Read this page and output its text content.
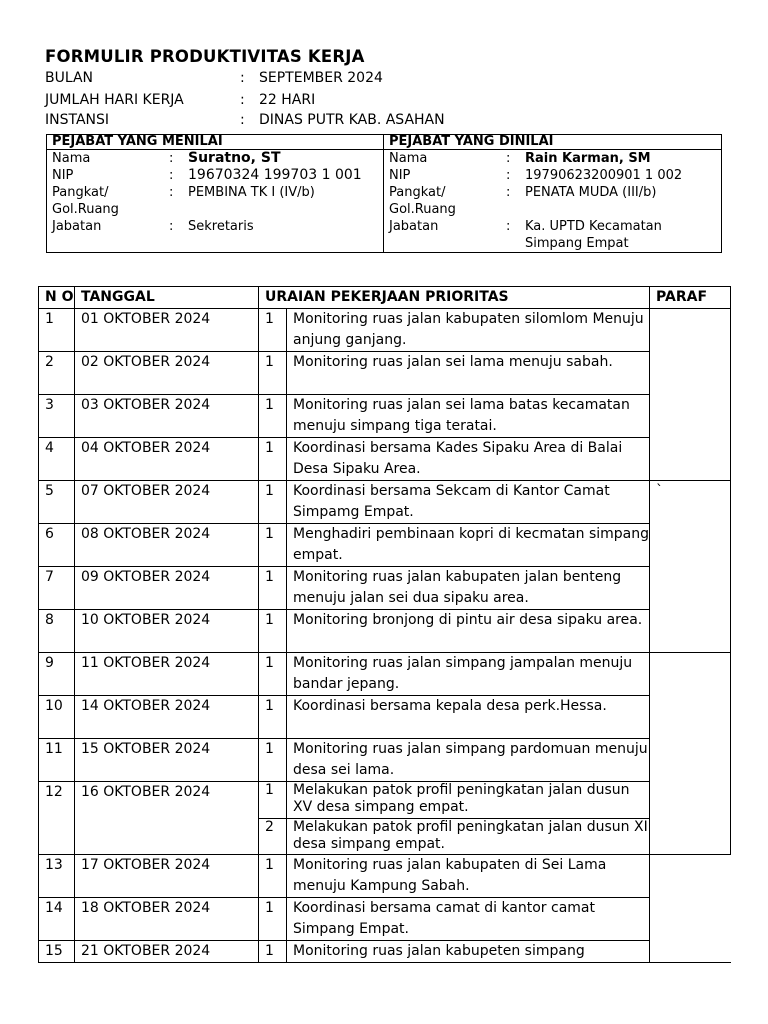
FORMULIR PRODUKTIVITAS KERJA
BULAN	: SEPTEMBER 2024
JUMLAH HARI KERJA	: 22 HARI
INSTANSI	: DINAS PUTR KAB. ASAHAN
PEJABAT YANG MENILAI	PEJABAT YANG DINILAI

Nama	:	Suratno, ST
NIP	:	19670324 199703 1 001
Pangkat/ Gol.Ruang	:	PEMBINA TK I (IV/b)
Jabatan	:	Sekretaris

Nama	:	Rain Karman, SM
NIP	:	19790623200901 1 002
Pangkat/ Gol.Ruang	:	PENATA MUDA (III/b)
Jabatan	:	Ka. UPTD Kecamatan Simpang Empat
N O	TANGGAL	URAIAN PEKERJAAN PRIORITAS		PARAF
1	01 OKTOBER 2024	1	Monitoring ruas jalan kabupaten silomlom Menuju anjung ganjang.	
2	02 OKTOBER 2024	1	Monitoring ruas jalan sei lama menuju sabah.	
3	03 OKTOBER 2024	1	Monitoring ruas jalan sei lama batas kecamatan menuju simpang tiga teratai.	
4	04 OKTOBER 2024	1	Koordinasi bersama Kades Sipaku Area di Balai Desa Sipaku Area.	
5	07 OKTOBER 2024	1	Koordinasi bersama Sekcam di Kantor Camat Simpamg Empat.	`
6	08 OKTOBER 2024	1	Menghadiri pembinaan kopri di kecmatan simpang empat.	
7	09 OKTOBER 2024	1	Monitoring ruas jalan kabupaten jalan benteng menuju jalan sei dua sipaku area.	
8	10 OKTOBER 2024	1	Monitoring bronjong di pintu air desa sipaku area.	
9	11 OKTOBER 2024	1	Monitoring ruas jalan simpang jampalan menuju bandar jepang.	
10	14 OKTOBER 2024	1	Koordinasi bersama kepala desa perk.Hessa.	
11	15 OKTOBER 2024	1	Monitoring ruas jalan simpang pardomuan menuju desa sei lama.	
12	16 OKTOBER 2024	1	Melakukan patok profil peningkatan jalan dusun XV desa simpang empat.	
		2	Melakukan patok profil peningkatan jalan dusun XI desa simpang empat.	
13	17 OKTOBER 2024	1	Monitoring ruas jalan kabupaten di Sei Lama menuju Kampung Sabah.	
14	18 OKTOBER 2024	1	Koordinasi bersama camat di kantor camat Simpang Empat.	
15	21 OKTOBER 2024	1	Monitoring ruas jalan kabupeten simpang	
